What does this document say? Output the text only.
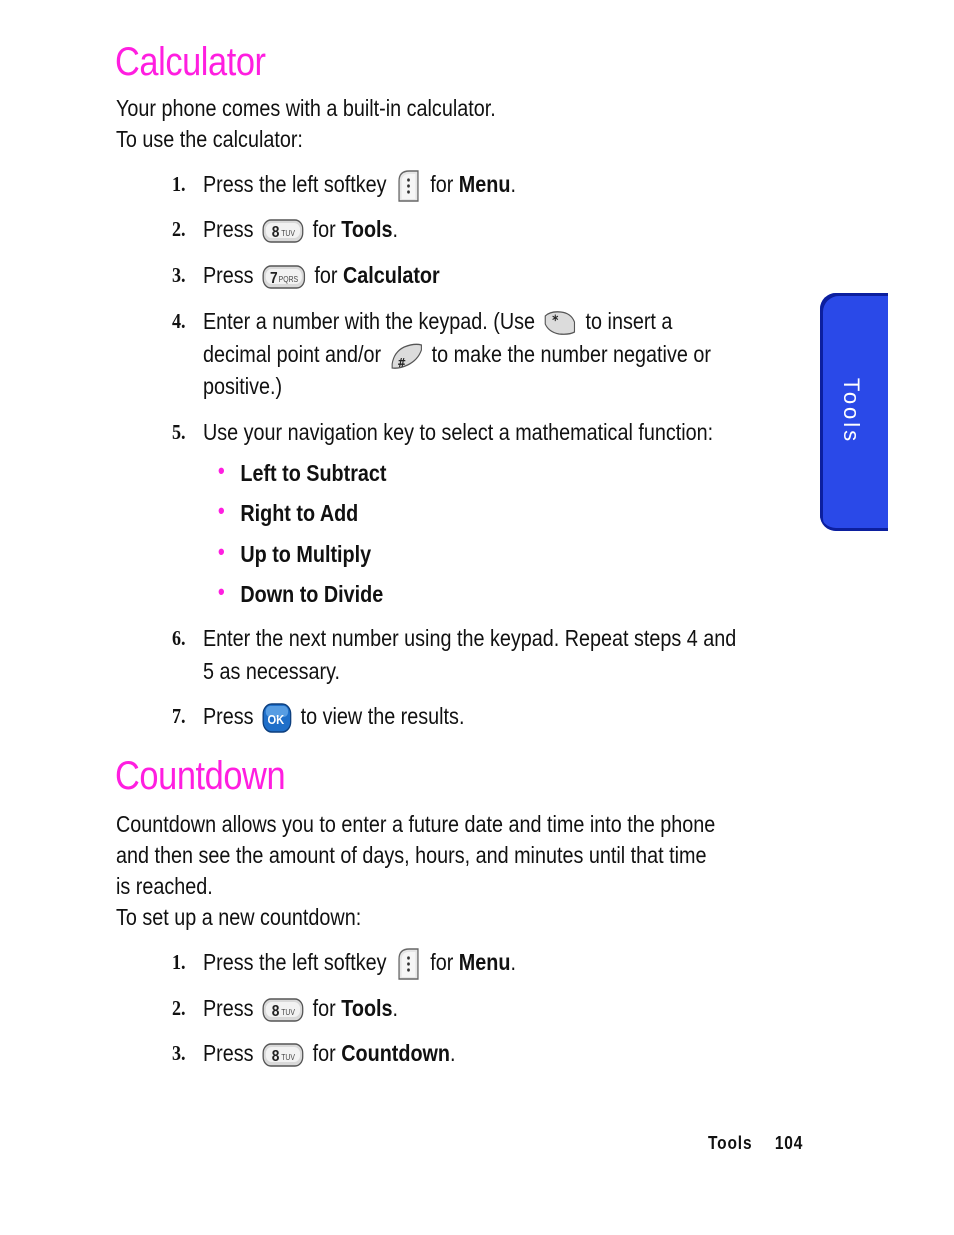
Calculator
Your phone comes with a built-in calculator.
To use the calculator:
1. Press the left softkey for Menu.
2. Press 8 TUV for Tools.
3. Press 7 PQRS for Calculator
4. Enter a number with the keypad. (Use * to insert a
decimal point and/or # to make the number negative or
positive.)
5. Use your navigation key to select a mathematical function:
• Left to Subtract
• Right to Add
• Up to Multiply
• Down to Divide
6. Enter the next number using the keypad. Repeat steps 4 and
5 as necessary.
7. Press OK to view the results.
Countdown
Countdown allows you to enter a future date and time into the phone
and then see the amount of days, hours, and minutes until that time
is reached.
To set up a new countdown:
1. Press the left softkey for Menu.
2. Press 8 TUV for Tools.
3. Press 8 TUV for Countdown.
Tools
Tools 104
